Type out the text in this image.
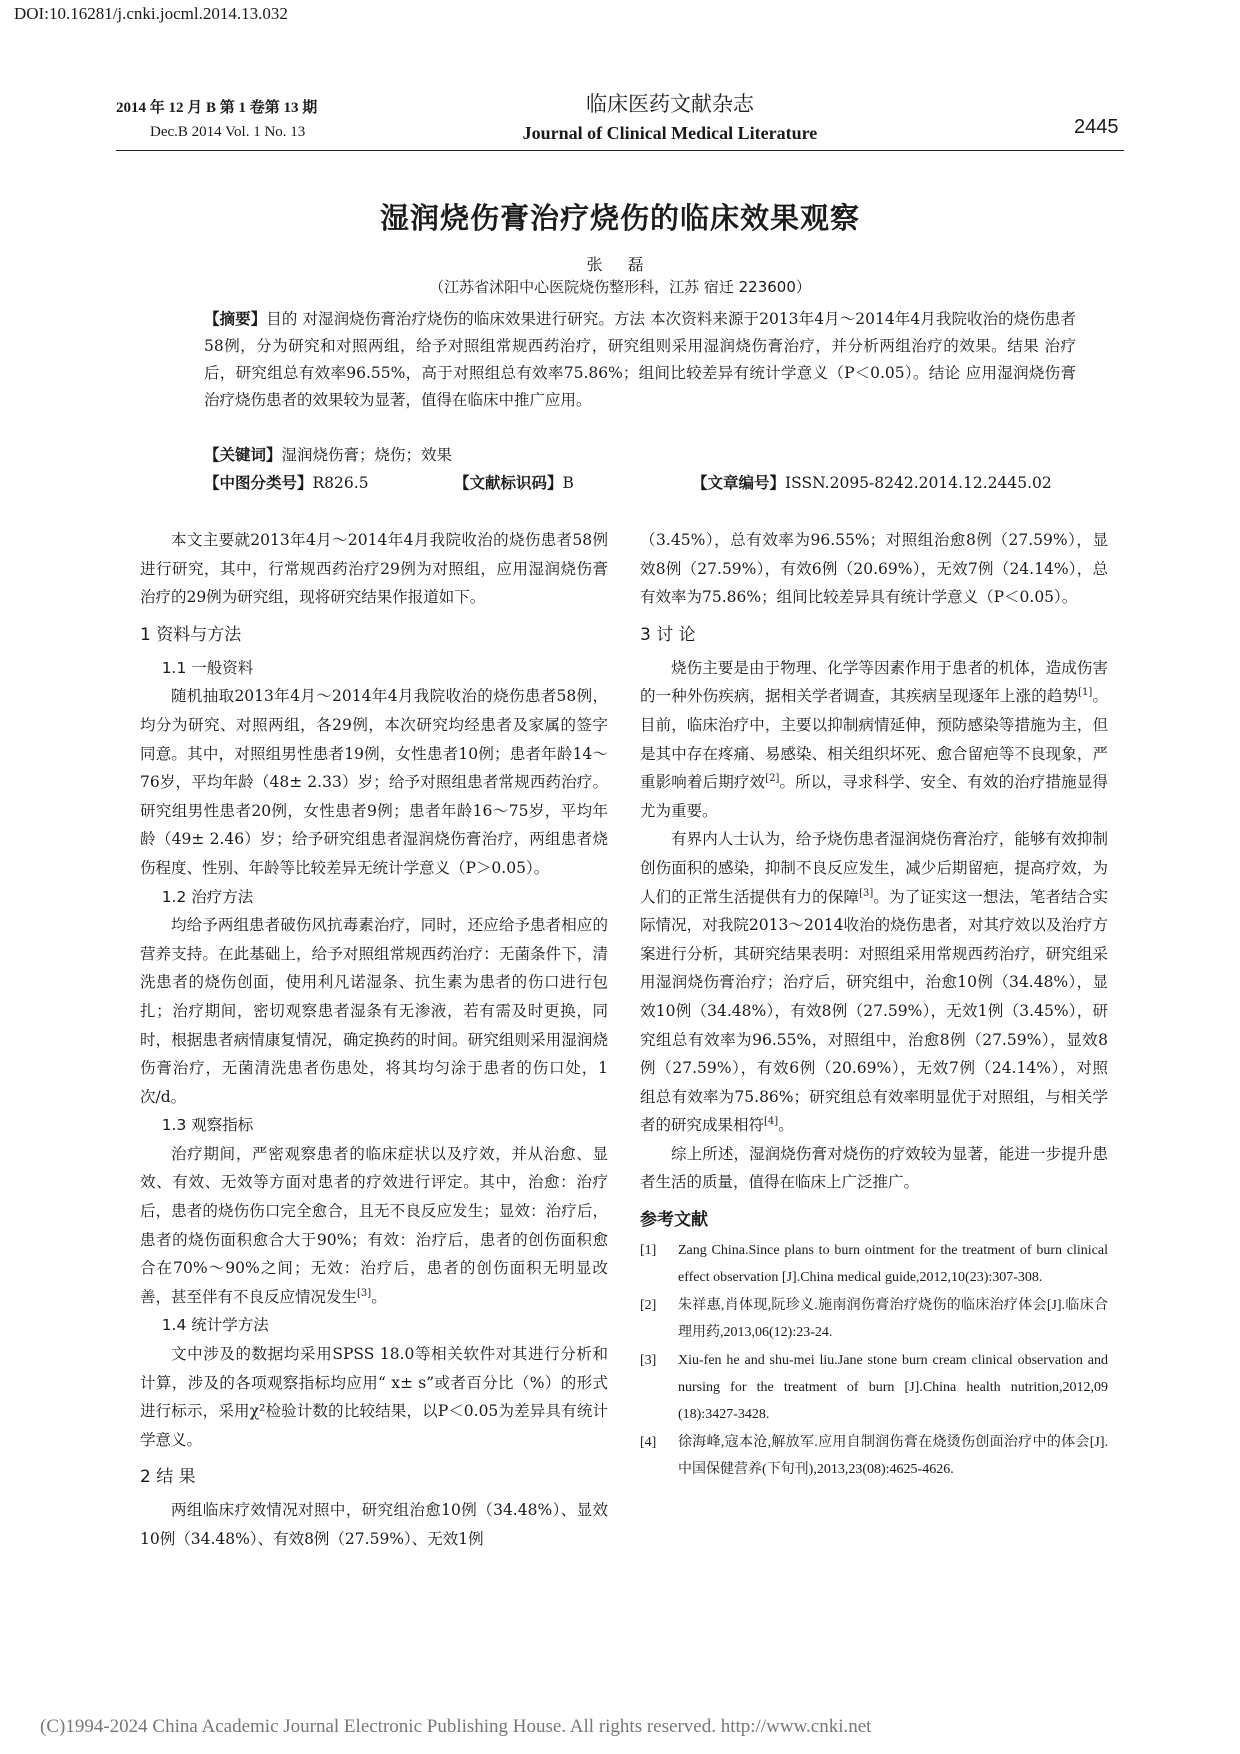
DOI:10.16281/j.cnki.jocml.2014.13.032
2014 年 12 月 B 第 1 卷第 13 期
Dec.B 2014 Vol. 1 No. 13
临床医药文献杂志
Journal of Clinical Medical Literature	2445
湿润烧伤膏治疗烧伤的临床效果观察
张 磊
（江苏省沭阳中心医院烧伤整形科，江苏 宿迁 223600）
【摘要】目的 对湿润烧伤膏治疗烧伤的临床效果进行研究。方法 本次资料来源于2013年4月～2014年4月我院收治的烧伤患者58例，分为研究和对照两组，给予对照组常规西药治疗，研究组则采用湿润烧伤膏治疗，并分析两组治疗的效果。结果 治疗后，研究组总有效率96.55%，高于对照组总有效率75.86%；组间比较差异有统计学意义（P＜0.05）。结论 应用湿润烧伤膏治疗烧伤患者的效果较为显著，值得在临床中推广应用。
【关键词】湿润烧伤膏；烧伤；效果
【中图分类号】R826.5	【文献标识码】B	【文章编号】ISSN.2095-8242.2014.12.2445.02

本文主要就2013年4月～2014年4月我院收治的烧伤患者58例进行研究，其中，行常规西药治疗29例为对照组，应用湿润烧伤膏治疗的29例为研究组，现将研究结果作报道如下。

1 资料与方法

1.1 一般资料

随机抽取2013年4月～2014年4月我院收治的烧伤患者58例，均分为研究、对照两组，各29例，本次研究均经患者及家属的签字同意。其中，对照组男性患者19例，女性患者10例；患者年龄14～76岁，平均年龄（48± 2.33）岁；给予对照组患者常规西药治疗。研究组男性患者20例，女性患者9例；患者年龄16～75岁，平均年龄（49± 2.46）岁；给予研究组患者湿润烧伤膏治疗，两组患者烧伤程度、性别、年龄等比较差异无统计学意义（P＞0.05）。

1.2 治疗方法

均给予两组患者破伤风抗毒素治疗，同时，还应给予患者相应的营养支持。在此基础上，给予对照组常规西药治疗：无菌条件下，清洗患者的烧伤创面，使用利凡诺湿条、抗生素为患者的伤口进行包扎；治疗期间，密切观察患者湿条有无渗液，若有需及时更换，同时，根据患者病情康复情况，确定换药的时间。研究组则采用湿润烧伤膏治疗，无菌清洗患者伤患处，将其均匀涂于患者的伤口处，1次/d。

1.3 观察指标

治疗期间，严密观察患者的临床症状以及疗效，并从治愈、显效、有效、无效等方面对患者的疗效进行评定。其中，治愈：治疗后，患者的烧伤伤口完全愈合，且无不良反应发生；显效：治疗后，患者的烧伤面积愈合大于90%；有效：治疗后，患者的创伤面积愈合在70%～90%之间；无效：治疗后，患者的创伤面积无明显改善，甚至伴有不良反应情况发生[3]。

1.4 统计学方法

文中涉及的数据均采用SPSS 18.0等相关软件对其进行分析和计算，涉及的各项观察指标均应用“ x± s”或者百分比（%）的形式进行标示，采用χ²检验计数的比较结果，以P＜0.05为差异具有统计学意义。

2 结 果

两组临床疗效情况对照中，研究组治愈10例（34.48%）、显效10例（34.48%）、有效8例（27.59%）、无效1例

（3.45%），总有效率为96.55%；对照组治愈8例（27.59%），显效8例（27.59%），有效6例（20.69%），无效7例（24.14%），总有效率为75.86%；组间比较差异具有统计学意义（P＜0.05）。

3 讨 论

烧伤主要是由于物理、化学等因素作用于患者的机体，造成伤害的一种外伤疾病，据相关学者调查，其疾病呈现逐年上涨的趋势[1]。目前，临床治疗中，主要以抑制病情延伸，预防感染等措施为主，但是其中存在疼痛、易感染、相关组织坏死、愈合留疤等不良现象，严重影响着后期疗效[2]。所以，寻求科学、安全、有效的治疗措施显得尤为重要。

有界内人士认为，给予烧伤患者湿润烧伤膏治疗，能够有效抑制创伤面积的感染，抑制不良反应发生，减少后期留疤，提高疗效，为人们的正常生活提供有力的保障[3]。为了证实这一想法，笔者结合实际情况，对我院2013～2014收治的烧伤患者，对其疗效以及治疗方案进行分析，其研究结果表明：对照组采用常规西药治疗，研究组采用湿润烧伤膏治疗；治疗后，研究组中，治愈10例（34.48%），显效10例（34.48%），有效8例（27.59%），无效1例（3.45%），研究组总有效率为96.55%，对照组中，治愈8例（27.59%），显效8例（27.59%），有效6例（20.69%），无效7例（24.14%），对照组总有效率为75.86%；研究组总有效率明显优于对照组，与相关学者的研究成果相符[4]。

综上所述，湿润烧伤膏对烧伤的疗效较为显著，能进一步提升患者生活的质量，值得在临床上广泛推广。

参考文献
[1] Zang China.Since plans to burn ointment for the treatment of burn clinical effect observation [J].China medical guide,2012,10(23):307-308.
[2] 朱祥惠,肖体现,阮珍义.施南润伤膏治疗烧伤的临床治疗体会[J].临床合理用药,2013,06(12):23-24.
[3] Xiu-fen he and shu-mei liu.Jane stone burn cream clinical observation and nursing for the treatment of burn [J].China health nutrition,2012,09 (18):3427-3428.
[4] 徐海峰,寇本沧,解放军.应用自制润伤膏在烧烫伤创面治疗中的体会[J].中国保健营养(下旬刊),2013,23(08):4625-4626.
(C)1994-2024 China Academic Journal Electronic Publishing House. All rights reserved. http://www.cnki.net
